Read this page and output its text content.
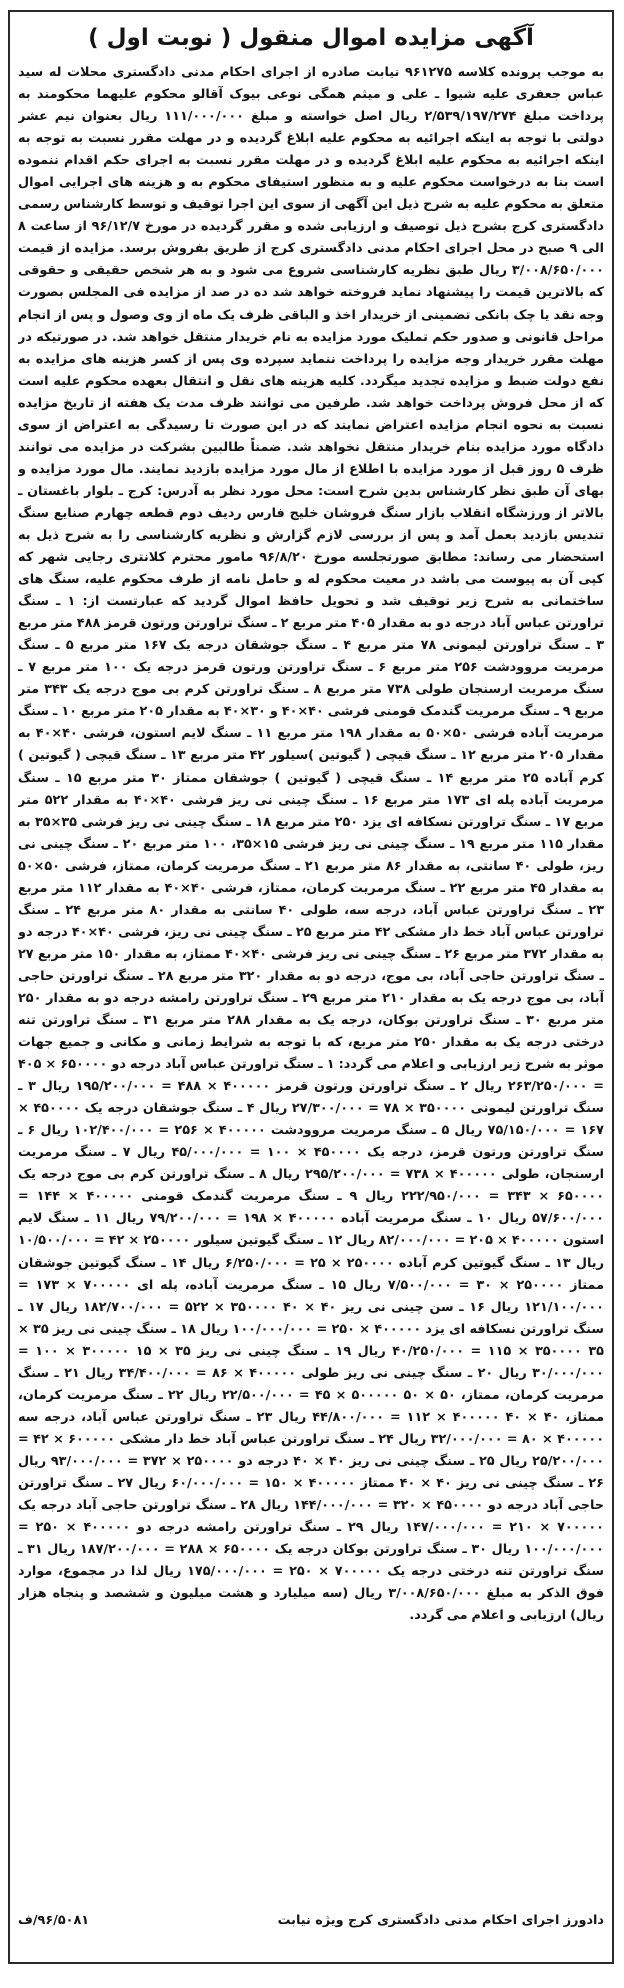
آگهی مزایده اموال منقول ( نوبت اول )
به موجب پرونده کلاسه ۹۶۱۲۷۵ نیابت صادره از اجرای احکام مدنی دادگستری محلات له سید عباس جعفری علیه شیوا ـ علی و میثم همگی نوعی بیوک آقالو محکوم علیهما محکومند به پرداخت مبلغ ۲/۵۳۹/۱۹۷/۲۷۴ ریال اصل خواسته و مبلغ ۱۱۱/۰۰۰/۰۰۰ ریال بعنوان نیم عشر دولتی با توجه به اینکه اجرائیه به محکوم علیه ابلاغ گردیده و در مهلت مقرر نسبت به توجه به اینکه اجرائیه به محکوم علیه ابلاغ گردیده و در مهلت مقرر نسبت به اجرای حکم اقدام ننموده است بنا به درخواست محکوم علیه و به منظور استیفای محکوم به و هزینه های اجرایی اموال متعلق به محکوم علیه به شرح ذیل این آگهی از سوی این اجرا توقیف و توسط کارشناس رسمی دادگستری کرج بشرح ذیل توصیف و ارزیابی شده و مقرر گردیده در مورخ ۹۶/۱۲/۷ از ساعت ۸ الی ۹ صبح در محل اجرای احکام مدنی دادگستری کرج از طریق بفروش برسد. مزایده از قیمت ۳/۰۰۸/۶۵۰/۰۰۰ ریال طبق نظریه کارشناسی شروع می شود و به هر شخص حقیقی و حقوقی که بالاترین قیمت را پیشنهاد نماید فروخته خواهد شد ده در صد از مزایده فی المجلس بصورت وجه نقد یا چک بانکی تضمینی از خریدار اخذ و الباقی ظرف یک ماه از وی وصول و پس از انجام مراحل قانونی و صدور حکم تملیک مورد مزایده به نام خریدار منتقل خواهد شد. در صورتیکه در مهلت مقرر خریدار وجه مزایده را پرداخت ننماید سپرده وی پس از کسر هزینه های مزایده به نفع دولت ضبط و مزایده تجدید میگردد. کلیه هزینه های نقل و انتقال بعهده محکوم علیه است که از محل فروش پرداخت خواهد شد. طرفین می توانند ظرف مدت یک هفته از تاریخ مزایده نسبت به نحوه انجام مزایده اعتراض نمایند که در این صورت تا رسیدگی به اعتراض از سوی دادگاه مورد مزایده بنام خریدار منتقل نخواهد شد. ضمناً طالبین بشرکت در مزایده می توانند ظرف ۵ روز قبل از مورد مزایده با اطلاع از مال مورد مزایده بازدید نمایند. مال مورد مزایده و بهای آن طبق نظر کارشناس بدین شرح است: محل مورد نظر به آدرس: کرج ـ بلوار باغستان ـ بالاتر از ورزشگاه انقلاب بازار سنگ فروشان خلیج فارس ردیف دوم قطعه چهارم صنایع سنگ تندیس بازدید بعمل آمد و پس از بررسی لازم گزارش و نظریه کارشناسی را به شرح ذیل به استحضار می رساند: مطابق صورتجلسه مورخ ۹۶/۸/۲۰ مامور محترم کلانتری رجایی شهر که کپی آن به پیوست می باشد در معیت محکوم له و حامل نامه از طرف محکوم علیه، سنگ های ساختمانی به شرح زیر توقیف شد و تحویل حافظ اموال گردید که عبارتست از: ۱ ـ سنگ تراورتن عباس آباد درجه دو به مقدار ۴۰۵ متر مربع ۲ ـ سنگ تراورتن ورتون قرمز ۴۸۸ متر مربع ۳ ـ سنگ تراورتن لیمونی ۷۸ متر مربع ۴ ـ سنگ جوشقان درجه یک ۱۶۷ متر مربع ۵ ـ سنگ مرمریت مروودشت ۲۵۶ متر مربع ۶ ـ سنگ تراورتن ورتون قرمز درجه یک ۱۰۰ متر مربع ۷ ـ سنگ مرمریت ارسنجان طولی ۷۳۸ متر مربع ۸ ـ سنگ تراورتن کرم بی موج درجه یک ۳۴۳ متر مربع ۹ ـ سنگ مرمریت گندمک قومنی فرشی ۴۰×۴۰ و ۳۰×۴۰ به مقدار ۲۰۵ متر مربع ۱۰ ـ سنگ مرمریت آباده فرشی ۵۰×۵۰ به مقدار ۱۹۸ متر مربع ۱۱ ـ سنگ لایم استون، فرشی ۴۰×۴۰ به مقدار ۲۰۵ متر مربع ۱۲ ـ سنگ قیچی ( گیوتین )سیلور ۴۲ متر مربع ۱۳ ـ سنگ قیچی ( گیوتین ) کرم آباده ۲۵ متر مربع ۱۴ ـ سنگ قیچی ( گیوتین ) جوشقان ممتاز ۳۰ متر مربع ۱۵ ـ سنگ مرمریت آباده پله ای ۱۷۳ متر مربع ۱۶ ـ سنگ چینی نی ریز فرشی ۴۰×۴۰ به مقدار ۵۲۲ متر مربع ۱۷ ـ سنگ تراورتن نسکافه ای یزد ۲۵۰ متر مربع ۱۸ ـ سنگ چینی نی ریز فرشی ۳۵×۳۵ به مقدار ۱۱۵ متر مربع ۱۹ ـ سنگ چینی نی ریز فرشی ۱۵×۳۵، ۱۰۰ متر مربع ۲۰ ـ سنگ چینی نی ریز، طولی ۴۰ سانتی، به مقدار ۸۶ متر مربع ۲۱ ـ سنگ مرمریت کرمان، ممتاز، فرشی ۵۰×۵۰ به مقدار ۴۵ متر مربع ۲۲ ـ سنگ مرمریت کرمان، ممتاز، فرشی ۴۰×۴۰ به مقدار ۱۱۲ متر مربع ۲۳ ـ سنگ تراورتن عباس آباد، درجه سه، طولی ۴۰ سانتی به مقدار ۸۰ متر مربع ۲۴ ـ سنگ تراورتن عباس آباد خط دار مشکی ۴۲ متر مربع ۲۵ ـ سنگ چینی نی ریز، فرشی ۴۰×۴۰ درجه دو به مقدار ۳۷۲ متر مربع ۲۶ ـ سنگ چینی نی ریز فرشی ۴۰×۴۰ ممتاز، به مقدار ۱۵۰ متر مربع ۲۷ ـ سنگ تراورتن حاجی آباد، بی موج، درجه دو به مقدار ۳۲۰ متر مربع ۲۸ ـ سنگ تراورتن حاجی آباد، بی موج درجه یک به مقدار ۲۱۰ متر مربع ۲۹ ـ سنگ تراورتن رامشه درجه دو به مقدار ۲۵۰ متر مربع ۳۰ ـ سنگ تراورتن بوکان، درجه یک به مقدار ۲۸۸ متر مربع ۳۱ ـ سنگ تراورتن تنه درختی درجه یک به مقدار ۲۵۰ متر مربع، که با توجه به شرایط زمانی و مکانی و جمیع جهات موثر به شرح زیر ارزیابی و اعلام می گردد: ۱ ـ سنگ تراورتن عباس آباد درجه دو ۶۵۰۰۰۰ × ۴۰۵ = ۲۶۳/۲۵۰/۰۰۰ ریال ۲ ـ سنگ تراورتن ورتون قرمز ۴۰۰۰۰۰ × ۴۸۸ = ۱۹۵/۲۰۰/۰۰۰ ریال ۳ ـ سنگ تراورتن لیمونی ۳۵۰۰۰۰ × ۷۸ = ۲۷/۳۰۰/۰۰۰ ریال ۴ ـ سنگ جوشقان درجه یک ۴۵۰۰۰۰ × ۱۶۷ = ۷۵/۱۵۰/۰۰۰ ریال ۵ ـ سنگ مرمریت مروودشت ۴۰۰۰۰۰ × ۲۵۶ = ۱۰۲/۴۰۰/۰۰۰ ریال ۶ ـ سنگ تراورتن ورتون قرمز، درجه یک ۴۵۰۰۰۰ × ۱۰۰ = ۴۵/۰۰۰/۰۰۰ ریال ۷ ـ سنگ مرمریت ارسنجان، طولی ۴۰۰۰۰۰ × ۷۳۸ = ۲۹۵/۲۰۰/۰۰۰ ریال ۸ ـ سنگ تراورتن کرم بی موج درجه یک ۶۵۰۰۰۰ × ۳۴۳ = ۲۲۲/۹۵۰/۰۰۰ ریال ۹ ـ سنگ مرمریت گندمک قومنی ۴۰۰۰۰۰ × ۱۴۴ = ۵۷/۶۰۰/۰۰۰ ریال ۱۰ ـ سنگ مرمریت آباده ۴۰۰۰۰۰ × ۱۹۸ = ۷۹/۲۰۰/۰۰۰ ریال ۱۱ ـ سنگ لایم استون ۴۰۰۰۰۰ × ۲۰۵ = ۸۲/۰۰۰/۰۰۰ ریال ۱۲ ـ سنگ گیوتین سیلور ۲۵۰۰۰۰ × ۴۲ = ۱۰/۵۰۰/۰۰۰ ریال ۱۳ ـ سنگ گیوتین کرم آباده ۲۵۰۰۰۰ × ۲۵ = ۶/۲۵۰/۰۰۰ ریال ۱۴ ـ سنگ گیوتین جوشقان ممتاز ۲۵۰۰۰۰ × ۳۰ = ۷/۵۰۰/۰۰۰ ریال ۱۵ ـ سنگ مرمریت آباده، پله ای ۷۰۰۰۰۰ × ۱۷۳ = ۱۲۱/۱۰۰/۰۰۰ ریال ۱۶ ـ سن چینی نی ریز ۴۰ × ۴۰ ۳۵۰۰۰۰ × ۵۲۲ = ۱۸۲/۷۰۰/۰۰۰ ریال ۱۷ ـ سنگ تراورتن نسکافه ای یزد ۴۰۰۰۰۰ × ۲۵۰ = ۱۰۰/۰۰۰/۰۰۰ ریال ۱۸ ـ سنگ چینی نی ریز ۳۵ × ۳۵ ۳۵۰۰۰۰ × ۱۱۵ = ۴۰/۲۵۰/۰۰۰ ریال ۱۹ ـ سنگ چینی نی ریز ۳۵ × ۱۵ ۳۰۰۰۰۰ × ۱۰۰ = ۳۰/۰۰۰/۰۰۰ ریال ۲۰ ـ سنگ چینی نی ریز طولی ۴۰۰۰۰۰ × ۸۶ = ۳۴/۴۰۰/۰۰۰ ریال ۲۱ ـ سنگ مرمریت کرمان، ممتاز، ۵۰ × ۵۰ ۵۰۰۰۰۰ × ۴۵ = ۲۲/۵۰۰/۰۰۰ ریال ۲۲ ـ سنگ مرمریت کرمان، ممتاز، ۴۰ × ۴۰ ۴۰۰۰۰۰ × ۱۱۲ = ۴۴/۸۰۰/۰۰۰ ریال ۲۳ ـ سنگ تراورتن عباس آباد، درجه سه ۴۰۰۰۰۰ × ۸۰ = ۳۲/۰۰۰/۰۰۰ ریال ۲۴ ـ سنگ تراورتن عباس آباد خط دار مشکی ۶۰۰۰۰۰ × ۴۲ = ۲۵/۲۰۰/۰۰۰ ریال ۲۵ ـ سنگ چینی نی ریز ۴۰ × ۴۰ درجه دو ۲۵۰۰۰۰ × ۳۷۲ = ۹۳/۰۰۰/۰۰۰ ریال ۲۶ ـ سنگ چینی نی ریز ۴۰ × ۴۰ ممتاز ۴۰۰۰۰۰ × ۱۵۰ = ۶۰/۰۰۰/۰۰۰ ریال ۲۷ ـ سنگ تراورتن حاجی آباد درجه دو ۴۵۰۰۰۰ × ۳۲۰ = ۱۴۴/۰۰۰/۰۰۰ ریال ۲۸ ـ سنگ تراورتن حاجی آباد درجه یک ۷۰۰۰۰۰ × ۲۱۰ = ۱۴۷/۰۰۰/۰۰۰ ریال ۲۹ ـ سنگ تراورتن رامشه درجه دو ۴۰۰۰۰۰ × ۲۵۰ = ۱۰۰/۰۰۰/۰۰۰ ریال ۳۰ ـ سنگ تراورتن بوکان درجه یک ۶۵۰۰۰۰ × ۲۸۸ = ۱۸۷/۲۰۰/۰۰۰ ریال ۳۱ ـ سنگ تراورتن تنه درختی درجه یک ۷۰۰۰۰۰ × ۲۵۰ = ۱۷۵/۰۰۰/۰۰۰ ریال لذا در مجموع، موارد فوق الذکر به مبلغ ۳/۰۰۸/۶۵۰/۰۰۰ ریال (سه میلیارد و هشت میلیون و ششصد و پنجاه هزار ریال) ارزیابی و اعلام می گردد.
دادورز اجرای احکام مدنی دادگستری کرج ویژه نیابت
۹۶/۵۰۸۱/ف
